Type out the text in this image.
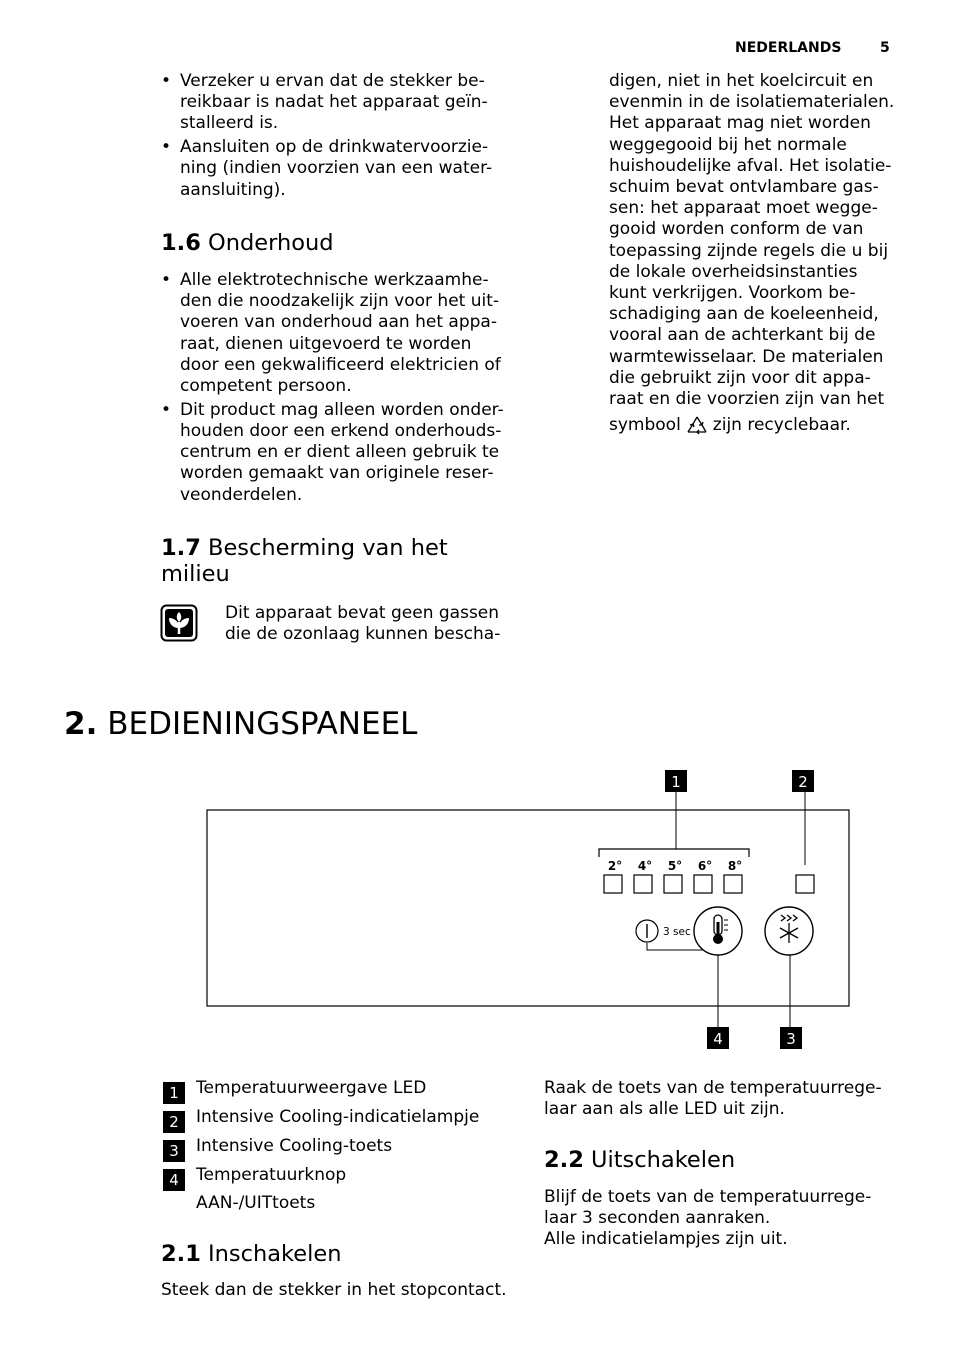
NEDERLANDS	5
• Verzeker u ervan dat de stekker be-
reikbaar is nadat het apparaat geïn-
stalleerd is.
• Aansluiten op de drinkwatervoorzie-
ning (indien voorzien van een water-
aansluiting).
1.6 Onderhoud
• Alle elektrotechnische werkzaamhe-
den die noodzakelijk zijn voor het uit-
voeren van onderhoud aan het appa-
raat, dienen uitgevoerd te worden
door een gekwalificeerd elektricien of
competent persoon.
• Dit product mag alleen worden onder-
houden door een erkend onderhouds-
centrum en er dient alleen gebruik te
worden gemaakt van originele reser-
veonderdelen.
1.7 Bescherming van het
milieu
Dit apparaat bevat geen gassen
die de ozonlaag kunnen bescha-
digen, niet in het koelcircuit en
evenmin in de isolatiematerialen.
Het apparaat mag niet worden
weggegooid bij het normale
huishoudelijke afval. Het isolatie-
schuim bevat ontvlambare gas-
sen: het apparaat moet wegge-
gooid worden conform de van
toepassing zijnde regels die u bij
de lokale overheidsinstanties
kunt verkrijgen. Voorkom be-
schadiging aan de koeleenheid,
vooral aan de achterkant bij de
warmtewisselaar. De materialen
die gebruikt zijn voor dit appa-
raat en die voorzien zijn van het
symbool zijn recyclebaar.
2. BEDIENINGSPANEEL
1	2
2° 4° 5° 6° 8°
3 sec
4	3
1	Temperatuurweergave LED
2	Intensive Cooling-indicatielampje
3	Intensive Cooling-toets
4	Temperatuurknop
AAN-/UITtoets
2.1 Inschakelen
Steek dan de stekker in het stopcontact.
Raak de toets van de temperatuurrege-
laar aan als alle LED uit zijn.
2.2 Uitschakelen
Blijf de toets van de temperatuurrege-
laar 3 seconden aanraken.
Alle indicatielampjes zijn uit.
